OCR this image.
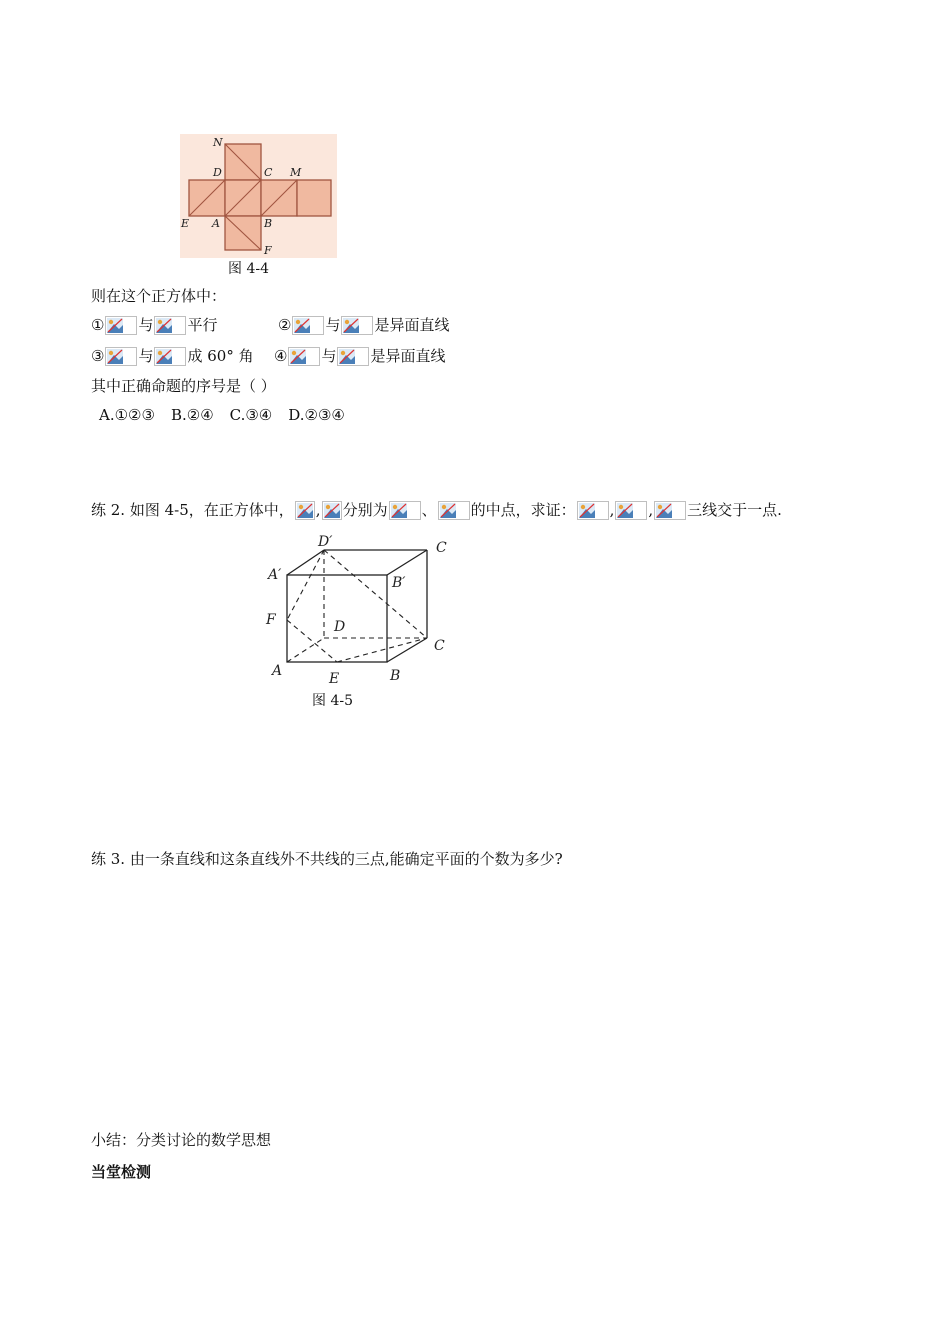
N
D	C M
E A	B
F
图 4-4
则在这个正方体中：
① 与 平行	② 与 是异面直线
③ 与 成 60° 角 ④ 与 是异面直线
其中正确命题的序号是（ ）
A.①②③ B.②④ C.③④ D.②③④
练 2. 如图 4-5，在正方体中， , 分别为 、 的中点，求证： , , 三线交于一点.
D′	C
A′	B′
F	D
C
A	E	B
图 4-5
练 3. 由一条直线和这条直线外不共线的三点,能确定平面的个数为多少?
小结：分类讨论的数学思想
当堂检测
